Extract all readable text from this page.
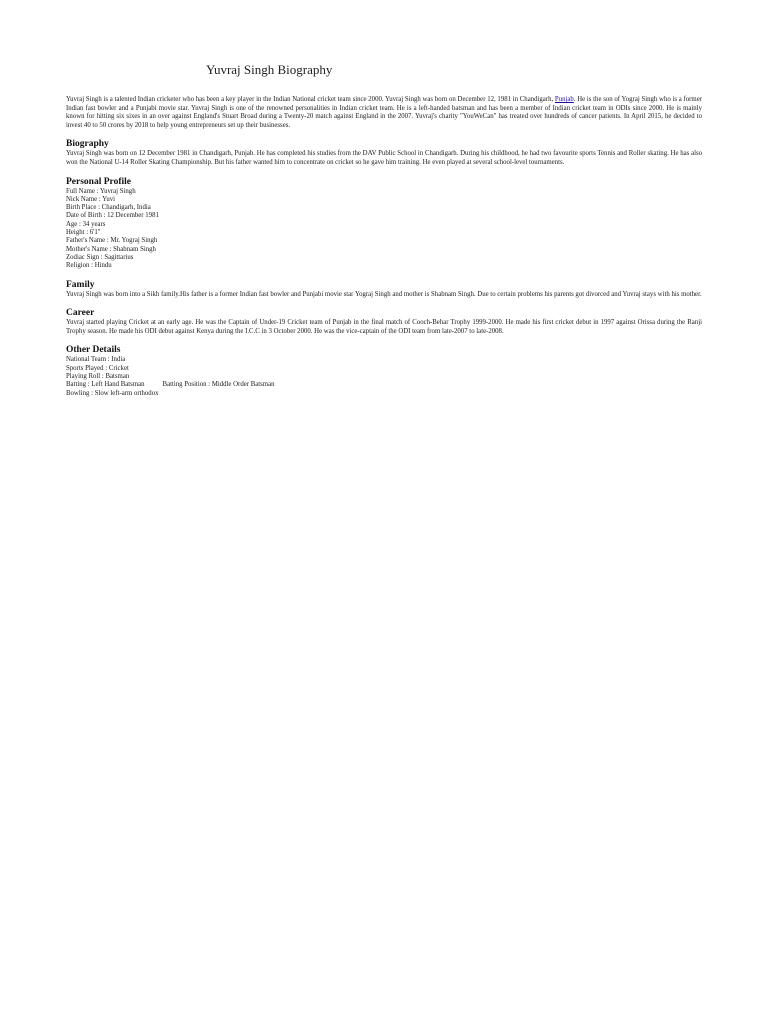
Yuvraj Singh Biography

Yuvraj Singh is a talented Indian cricketer who has been a key player in the Indian National cricket team since 2000. Yuvraj Singh was born on December 12, 1981 in Chandigarh, Punjab. He is the son of Yograj Singh who is a former Indian fast bowler and a Punjabi movie star. Yuvraj Singh is one of the renowned personalities in Indian cricket team. He is a left-handed batsman and has been a member of Indian cricket team in ODIs since 2000. He is mainly known for hitting six sixes in an over against England's Stuart Broad during a Twenty-20 match against England in the 2007. Yuvraj's charity "YouWeCan" has treated over hundreds of cancer patients. In April 2015, he decided to invest 40 to 50 crores by 2018 to help young entrepreneurs set up their businesses.

Biography

Yuvraj Singh was born on 12 December 1981 in Chandigarh, Punjab. He has completed his studies from the DAV Public School in Chandigarh. During his childhood, he had two favourite sports Tennis and Roller skating. He has also won the National U-14 Roller Skating Championship. But his father wanted him to concentrate on cricket so he gave him training. He even played at several school-level tournaments.

Personal Profile

Full Name : Yuvraj Singh

Nick Name : Yuvi

Birth Place : Chandigarh, India

Date of Birth : 12 December 1981

Age : 34 years

Height : 6'1"

Father's Name : Mr. Yograj Singh

Mother's Name : Shabnam Singh

Zodiac Sign : Sagittarius

Religion : Hindu

Family

Yuvraj Singh was born into a Sikh family.His father is a former Indian fast bowler and Punjabi movie star Yograj Singh and mother is Shabnam Singh. Due to certain problems his parents got divorced and Yuvraj stays with his mother.

Career

Yuvraj started playing Cricket at an early age. He was the Captain of Under-19 Cricket team of Punjab in the final match of Cooch-Behar Trophy 1999-2000. He made his first cricket debut in 1997 against Orissa during the Ranji Trophy season. He made his ODI debut against Kenya during the I.C.C in 3 October 2000. He was the vice-captain of the ODI team from late-2007 to late-2008.

Other Details

National Team : India

Sports Played : Cricket

Playing Roll : Batsman

Batting : Left Hand Batsman	Batting Position : Middle Order Batsman

Bowling : Slow left-arm orthodox
